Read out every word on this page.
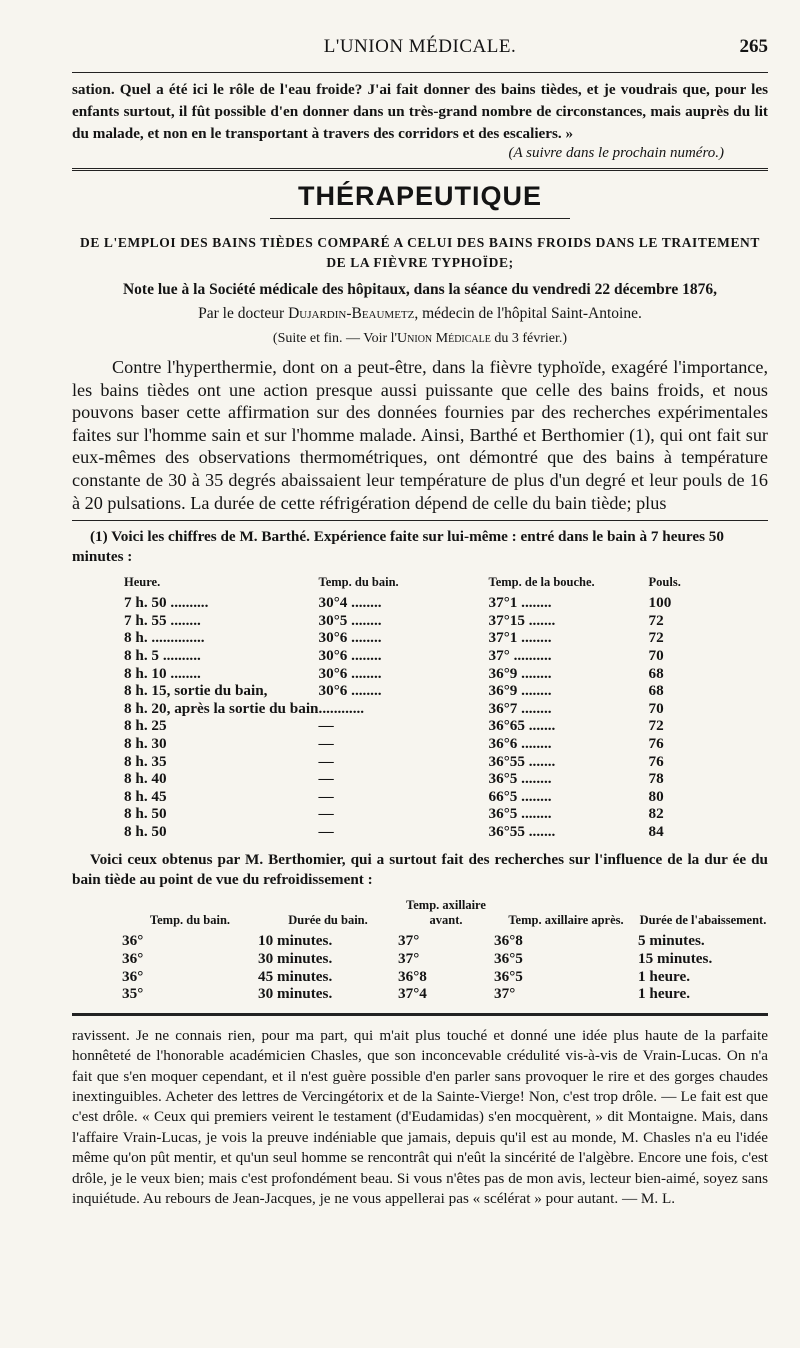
L'UNION MÉDICALE.	265

sation. Quel a été ici le rôle de l'eau froide? J'ai fait donner des bains tièdes, et je voudrais que, pour les enfants surtout, il fût possible d'en donner dans un très-grand nombre de circonstances, mais auprès du lit du malade, et non en le transportant à travers des corridors et des escaliers. »

(A suivre dans le prochain numéro.)

THÉRAPEUTIQUE

DE L'EMPLOI DES BAINS TIÈDES COMPARÉ A CELUI DES BAINS FROIDS DANS LE TRAITEMENT DE LA FIÈVRE TYPHOÏDE;

Note lue à la Société médicale des hôpitaux, dans la séance du vendredi 22 décembre 1876,

Par le docteur Dujardin-Beaumetz, médecin de l'hôpital Saint-Antoine.

(Suite et fin. — Voir l'Union Médicale du 3 février.)

Contre l'hyperthermie, dont on a peut-être, dans la fièvre typhoïde, exagéré l'importance, les bains tièdes ont une action presque aussi puissante que celle des bains froids, et nous pouvons baser cette affirmation sur des données fournies par des recherches expérimentales faites sur l'homme sain et sur l'homme malade. Ainsi, Barthé et Berthomier (1), qui ont fait sur eux-mêmes des observations thermométriques, ont démontré que des bains à température constante de 30 à 35 degrés abaissaient leur température de plus d'un degré et leur pouls de 16 à 20 pulsations. La durée de cette réfrigération dépend de celle du bain tiède; plus

(1) Voici les chiffres de M. Barthé. Expérience faite sur lui-même : entré dans le bain à 7 heures 50 minutes :

Heure.	Temp. du bain.	Temp. de la bouche.	Pouls.
7 h. 50 ..........	30°4 ........	37°1 ........	100
7 h. 55 ........	30°5 ........	37°15 .......	72
8 h. ..............	30°6 ........	37°1 ........	72
8 h. 5 ..........	30°6 ........	37° ..........	70
8 h. 10 ........	30°6 ........	36°9 ........	68
8 h. 15, sortie du bain,	30°6 ........	36°9 ........	68
8 h. 20, après la sortie du bain	............	36°7 ........	70
8 h. 25	—	36°65 .......	72
8 h. 30	—	36°6 ........	76
8 h. 35	—	36°55 .......	76
8 h. 40	—	36°5 ........	78
8 h. 45	—	66°5 ........	80
8 h. 50	—	36°5 ........	82
8 h. 50	—	36°55 .......	84

Voici ceux obtenus par M. Berthomier, qui a surtout fait des recherches sur l'influence de la dur ée du bain tiède au point de vue du refroidissement :

Temp. du bain.	Durée du bain.	Temp. axillaire avant.	Temp. axillaire après.	Durée de l'abaissement.
36°	10 minutes.	37°	36°8	5 minutes.
36°	30 minutes.	37°	36°5	15 minutes.
36°	45 minutes.	36°8	36°5	1 heure.
35°	30 minutes.	37°4	37°	1 heure.

ravissent. Je ne connais rien, pour ma part, qui m'ait plus touché et donné une idée plus haute de la parfaite honnêteté de l'honorable académicien Chasles, que son inconcevable crédulité vis-à-vis de Vrain-Lucas. On n'a fait que s'en moquer cependant, et il n'est guère possible d'en parler sans provoquer le rire et des gorges chaudes inextinguibles. Acheter des lettres de Vercingétorix et de la Sainte-Vierge! Non, c'est trop drôle. — Le fait est que c'est drôle. « Ceux qui premiers veirent le testament (d'Eudamidas) s'en mocquèrent, » dit Montaigne. Mais, dans l'affaire Vrain-Lucas, je vois la preuve indéniable que jamais, depuis qu'il est au monde, M. Chasles n'a eu l'idée même qu'on pût mentir, et qu'un seul homme se rencontrât qui n'eût la sincérité de l'algèbre. Encore une fois, c'est drôle, je le veux bien; mais c'est profondément beau. Si vous n'êtes pas de mon avis, lecteur bien-aimé, soyez sans inquiétude. Au rebours de Jean-Jacques, je ne vous appellerai pas « scélérat » pour autant. — M. L.
